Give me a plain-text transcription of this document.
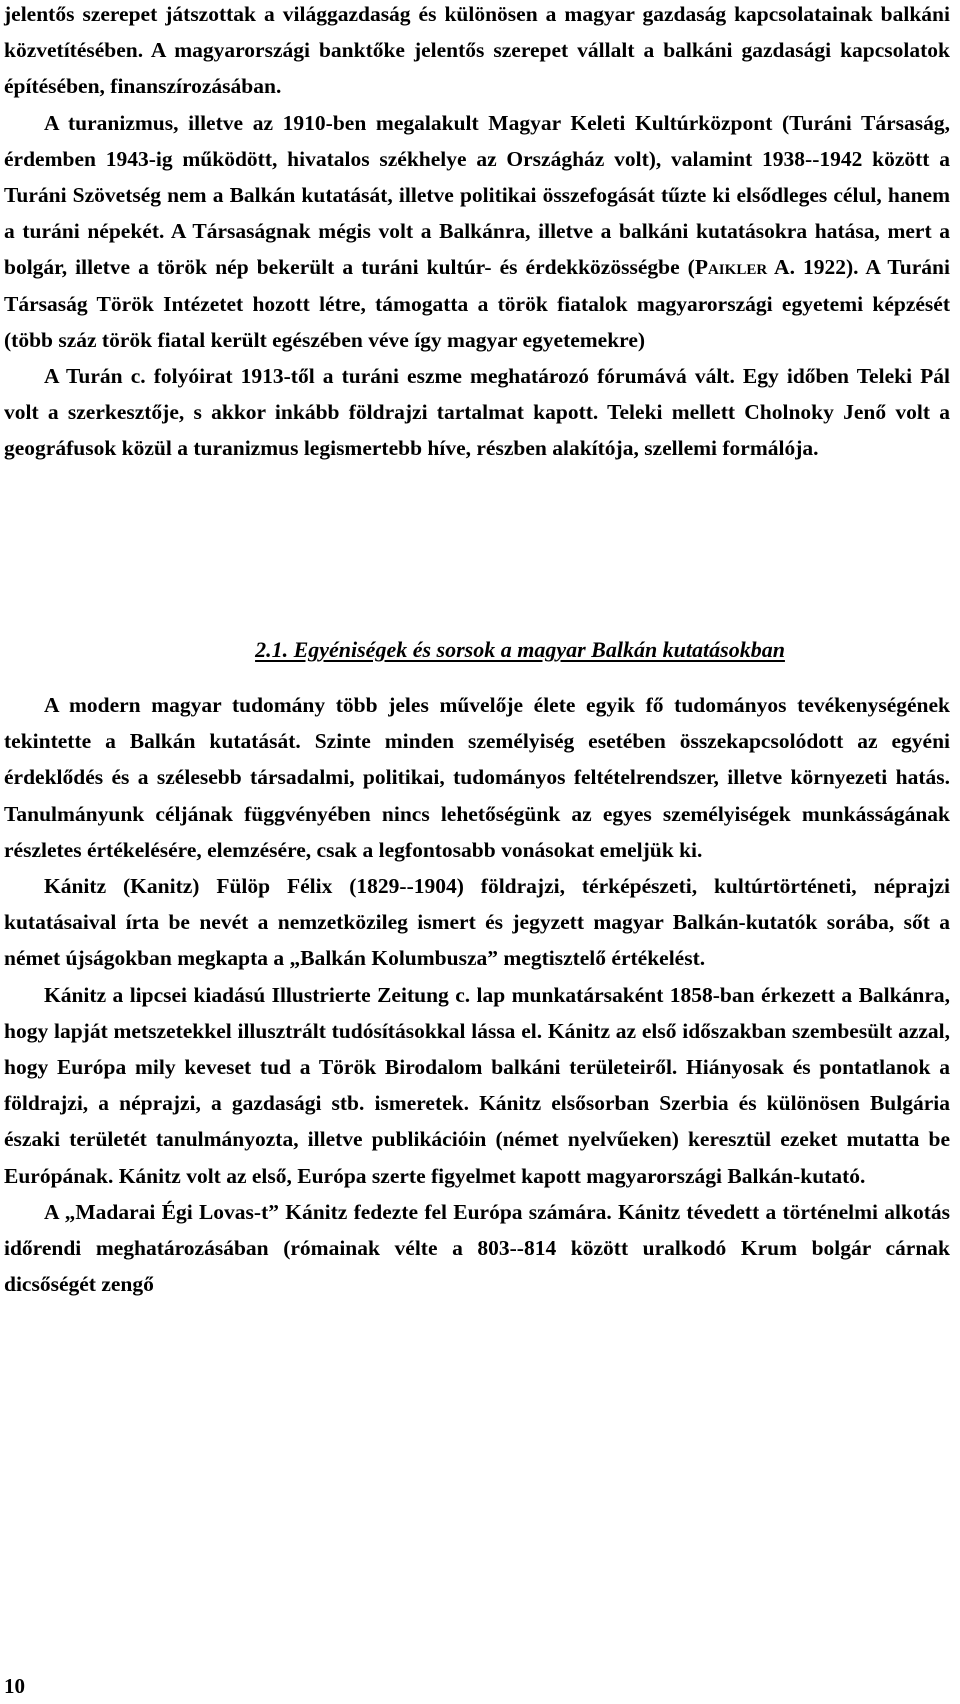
jelentős szerepet játszottak a világgazdaság és különösen a magyar gazdaság kapcsolatainak balkáni közvetítésében. A magyarországi banktőke jelentős szerepet vállalt a balkáni gazdasági kapcsolatok építésében, finanszírozásában.

A turanizmus, illetve az 1910-ben megalakult Magyar Keleti Kultúrközpont (Turáni Társaság, érdemben 1943-ig működött, hivatalos székhelye az Országház volt), valamint 1938--1942 között a Turáni Szövetség nem a Balkán kutatását, illetve politikai összefogását tűzte ki elsődleges célul, hanem a turáni népekét. A Társaságnak mégis volt a Balkánra, illetve a balkáni kutatásokra hatása, mert a bolgár, illetve a török nép bekerült a turáni kultúr- és érdekközösségbe (Paikler A. 1922). A Turáni Társaság Török Intézetet hozott létre, támogatta a török fiatalok magyarországi egyetemi képzését (több száz török fiatal került egészében véve így magyar egyetemekre)

A Turán c. folyóirat 1913-től a turáni eszme meghatározó fórumává vált. Egy időben Teleki Pál volt a szerkesztője, s akkor inkább földrajzi tartalmat kapott. Teleki mellett Cholnoky Jenő volt a geográfusok közül a turanizmus legismertebb híve, részben alakítója, szellemi formálója.

2.1. Egyéniségek és sorsok a magyar Balkán kutatásokban

A modern magyar tudomány több jeles művelője élete egyik fő tudományos tevékenységének tekintette a Balkán kutatását. Szinte minden személyiség esetében összekapcsolódott az egyéni érdeklődés és a szélesebb társadalmi, politikai, tudományos feltételrendszer, illetve környezeti hatás. Tanulmányunk céljának függvényében nincs lehetőségünk az egyes személyiségek munkásságának részletes értékelésére, elemzésére, csak a legfontosabb vonásokat emeljük ki.

Kánitz (Kanitz) Fülöp Félix (1829--1904) földrajzi, térképészeti, kultúrtörténeti, néprajzi kutatásaival írta be nevét a nemzetközileg ismert és jegyzett magyar Balkán-kutatók sorába, sőt a német újságokban megkapta a „Balkán Kolumbusza” megtisztelő értékelést.

Kánitz a lipcsei kiadású Illustrierte Zeitung c. lap munkatársaként 1858-ban érkezett a Balkánra, hogy lapját metszetekkel illusztrált tudósításokkal lássa el. Kánitz az első időszakban szembesült azzal, hogy Európa mily keveset tud a Török Birodalom balkáni területeiről. Hiányosak és pontatlanok a földrajzi, a néprajzi, a gazdasági stb. ismeretek. Kánitz elsősorban Szerbia és különösen Bulgária északi területét tanulmányozta, illetve publikációin (német nyelvűeken) keresztül ezeket mutatta be Európának. Kánitz volt az első, Európa szerte figyelmet kapott magyarországi Balkán-kutató.

A „Madarai Égi Lovas-t” Kánitz fedezte fel Európa számára. Kánitz tévedett a történelmi alkotás időrendi meghatározásában (rómainak vélte a 803--814 között uralkodó Krum bolgár cárnak dicsőségét zengő

10
